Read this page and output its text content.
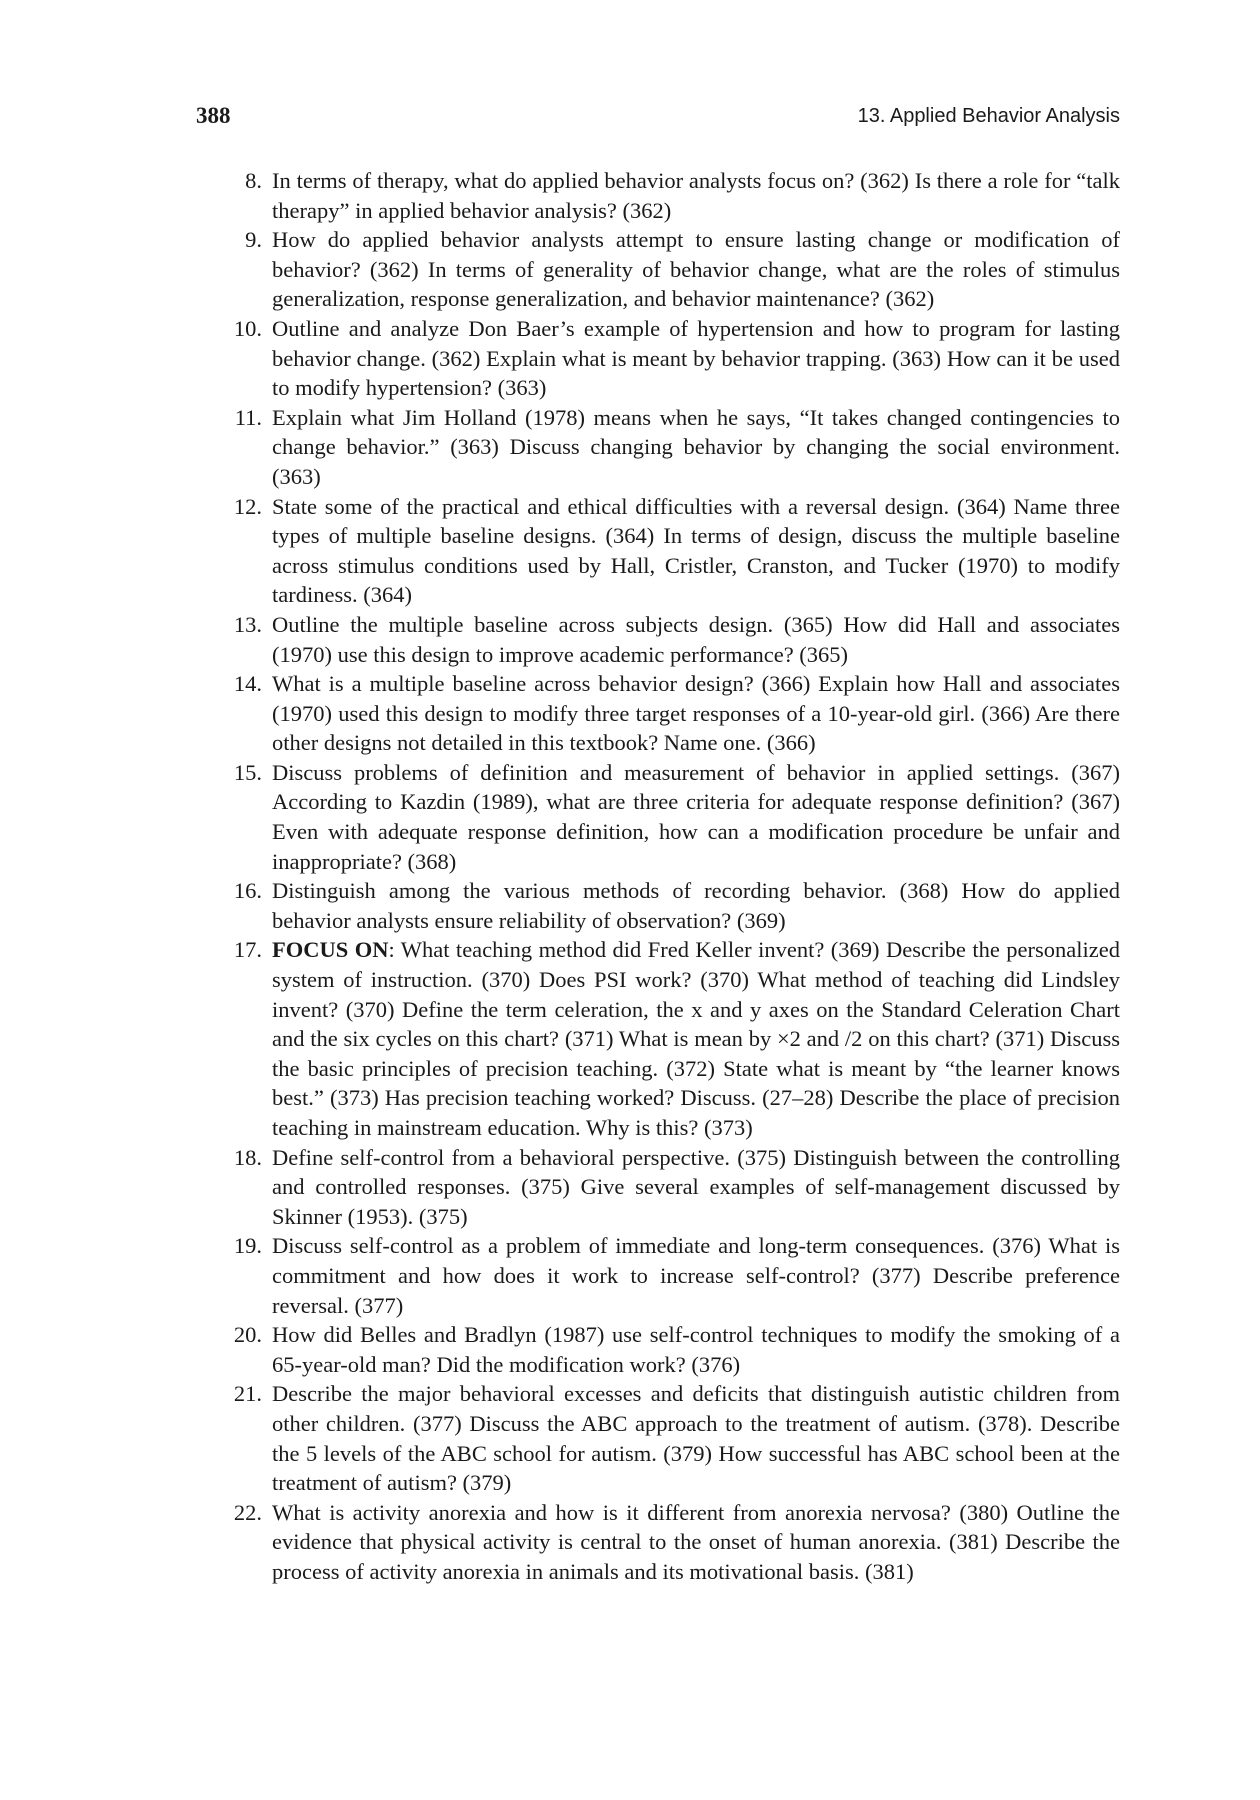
388	13. Applied Behavior Analysis
8. In terms of therapy, what do applied behavior analysts focus on? (362) Is there a role for “talk therapy” in applied behavior analysis? (362)
9. How do applied behavior analysts attempt to ensure lasting change or modification of behavior? (362) In terms of generality of behavior change, what are the roles of stimulus generalization, response generalization, and behavior maintenance? (362)
10. Outline and analyze Don Baer’s example of hypertension and how to program for lasting behavior change. (362) Explain what is meant by behavior trapping. (363) How can it be used to modify hypertension? (363)
11. Explain what Jim Holland (1978) means when he says, “It takes changed contingencies to change behavior.” (363) Discuss changing behavior by changing the social environment. (363)
12. State some of the practical and ethical difficulties with a reversal design. (364) Name three types of multiple baseline designs. (364) In terms of design, discuss the multiple baseline across stimulus conditions used by Hall, Cristler, Cranston, and Tucker (1970) to modify tardiness. (364)
13. Outline the multiple baseline across subjects design. (365) How did Hall and associates (1970) use this design to improve academic performance? (365)
14. What is a multiple baseline across behavior design? (366) Explain how Hall and associates (1970) used this design to modify three target responses of a 10-year-old girl. (366) Are there other designs not detailed in this textbook? Name one. (366)
15. Discuss problems of definition and measurement of behavior in applied settings. (367) According to Kazdin (1989), what are three criteria for adequate response definition? (367) Even with adequate response definition, how can a modification procedure be unfair and inappropriate? (368)
16. Distinguish among the various methods of recording behavior. (368) How do applied behavior analysts ensure reliability of observation? (369)
17. FOCUS ON: What teaching method did Fred Keller invent? (369) Describe the personalized system of instruction. (370) Does PSI work? (370) What method of teaching did Lindsley invent? (370) Define the term celeration, the x and y axes on the Standard Celeration Chart and the six cycles on this chart? (371) What is mean by ×2 and /2 on this chart? (371) Discuss the basic principles of precision teaching. (372) State what is meant by “the learner knows best.” (373) Has precision teaching worked? Discuss. (27–28) Describe the place of precision teaching in mainstream education. Why is this? (373)
18. Define self-control from a behavioral perspective. (375) Distinguish between the controlling and controlled responses. (375) Give several examples of self-management discussed by Skinner (1953). (375)
19. Discuss self-control as a problem of immediate and long-term consequences. (376) What is commitment and how does it work to increase self-control? (377) Describe preference reversal. (377)
20. How did Belles and Bradlyn (1987) use self-control techniques to modify the smoking of a 65-year-old man? Did the modification work? (376)
21. Describe the major behavioral excesses and deficits that distinguish autistic children from other children. (377) Discuss the ABC approach to the treatment of autism. (378). Describe the 5 levels of the ABC school for autism. (379) How successful has ABC school been at the treatment of autism? (379)
22. What is activity anorexia and how is it different from anorexia nervosa? (380) Outline the evidence that physical activity is central to the onset of human anorexia. (381) Describe the process of activity anorexia in animals and its motivational basis. (381)
